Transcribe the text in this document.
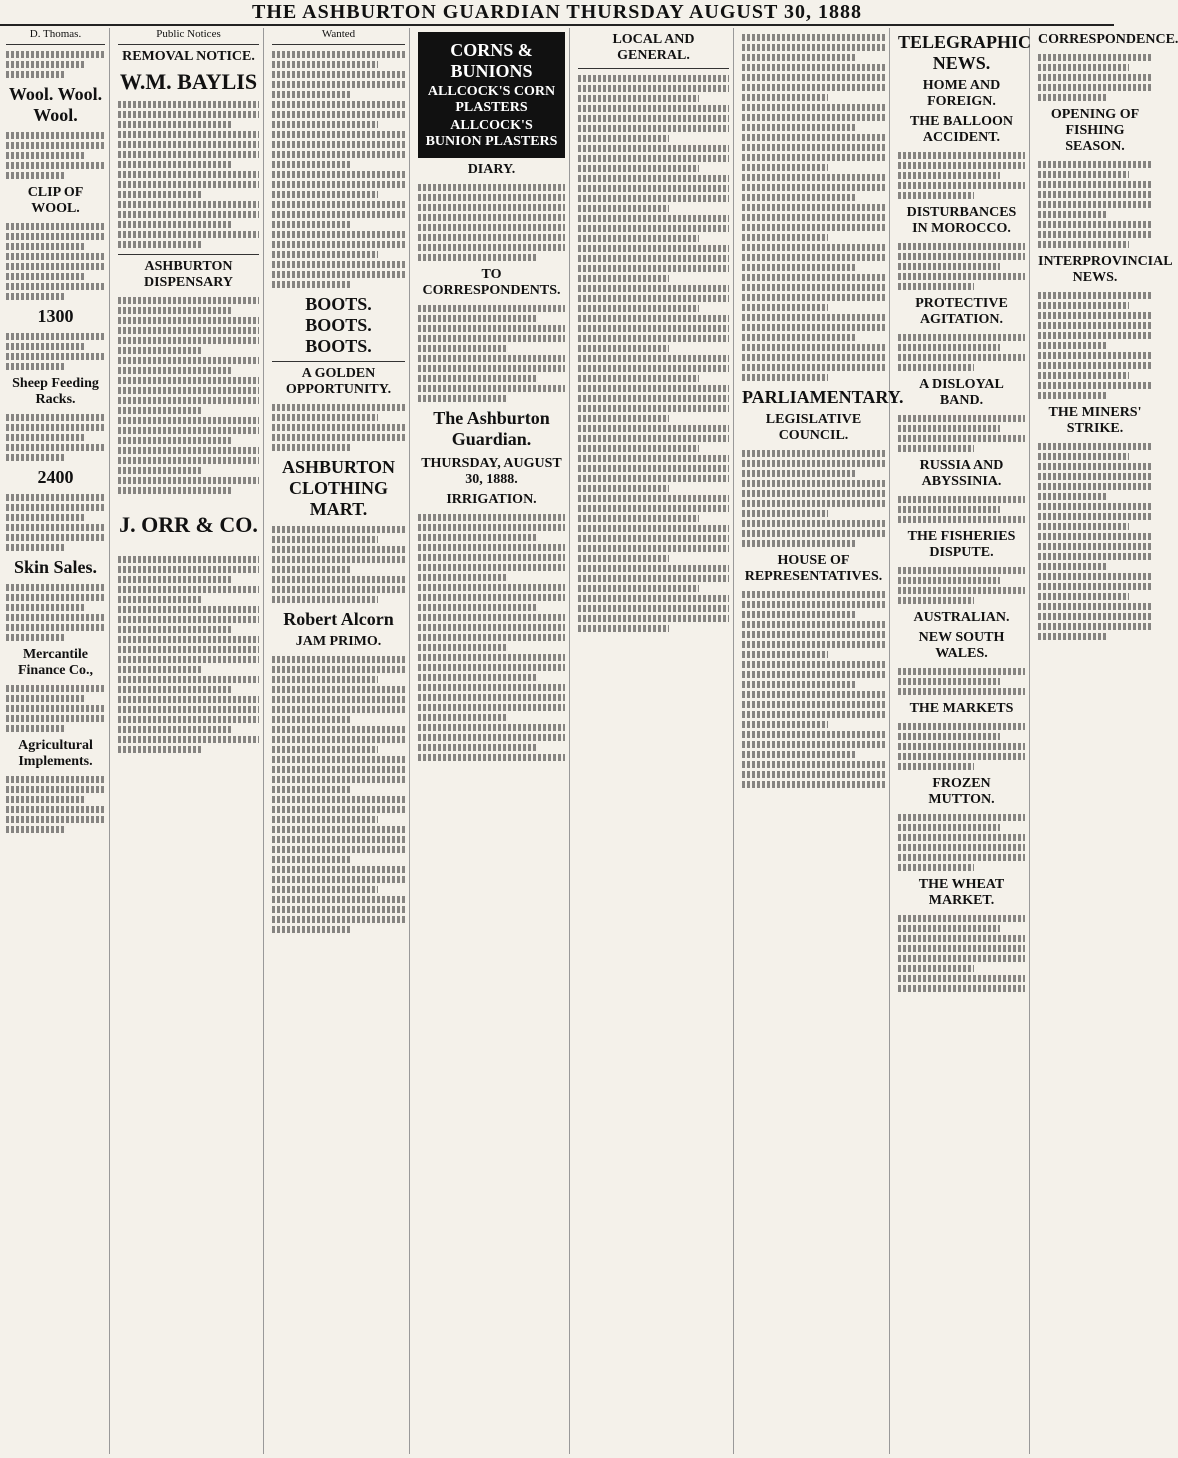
THE ASHBURTON GUARDIAN THURSDAY AUGUST 30, 1888
D. Thomas.
Wool. Wool. Wool.
CLIP OF WOOL.
1300
Sheep Feeding Racks.
2400
Skin Sales.
Mercantile Finance Co.,
Agricultural Implements.
Public Notices
REMOVAL NOTICE.
W.M. BAYLIS
ASHBURTON DISPENSARY
J. ORR & CO.
Wanted
BOOTS. BOOTS. BOOTS.
A GOLDEN OPPORTUNITY.
ASHBURTON CLOTHING MART.
Robert Alcorn
JAM PRIMO.
CORNS & BUNIONS
ALLCOCK'S CORN PLASTERS
ALLCOCK'S BUNION PLASTERS
DIARY.
TO CORRESPONDENTS.
The Ashburton Guardian.
THURSDAY, AUGUST 30, 1888.
IRRIGATION.
LOCAL AND GENERAL.
PARLIAMENTARY.
LEGISLATIVE COUNCIL.
HOUSE OF REPRESENTATIVES.
TELEGRAPHIC NEWS.
HOME AND FOREIGN.
THE BALLOON ACCIDENT.
DISTURBANCES IN MOROCCO.
PROTECTIVE AGITATION.
A DISLOYAL BAND.
RUSSIA AND ABYSSINIA.
THE FISHERIES DISPUTE.
AUSTRALIAN.
NEW SOUTH WALES.
THE MARKETS
FROZEN MUTTON.
THE WHEAT MARKET.
CORRESPONDENCE.
OPENING OF FISHING SEASON.
INTERPROVINCIAL NEWS.
THE MINERS' STRIKE.
